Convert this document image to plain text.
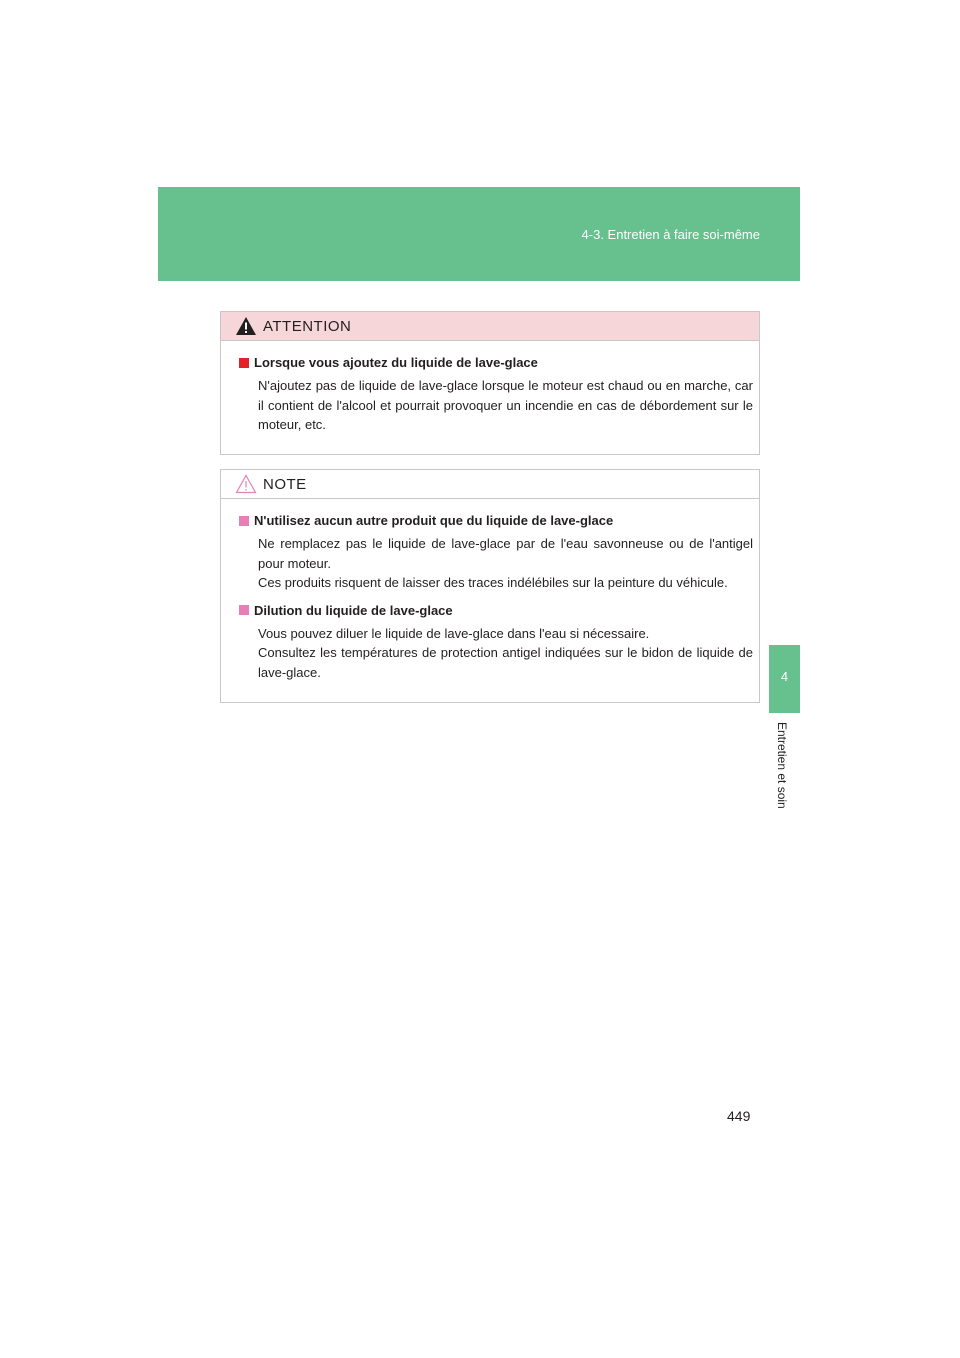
4-3. Entretien à faire soi-même
4
Entretien et soin
ATTENTION
Lorsque vous ajoutez du liquide de lave-glace

N'ajoutez pas de liquide de lave-glace lorsque le moteur est chaud ou en marche, car il contient de l'alcool et pourrait provoquer un incendie en cas de débordement sur le moteur, etc.

NOTE
N'utilisez aucun autre produit que du liquide de lave-glace

Ne remplacez pas le liquide de lave-glace par de l'eau savonneuse ou de l'antigel pour moteur.

Ces produits risquent de laisser des traces indélébiles sur la peinture du véhicule.

Dilution du liquide de lave-glace

Vous pouvez diluer le liquide de lave-glace dans l'eau si nécessaire.

Consultez les températures de protection antigel indiquées sur le bidon de liquide de lave-glace.

449
